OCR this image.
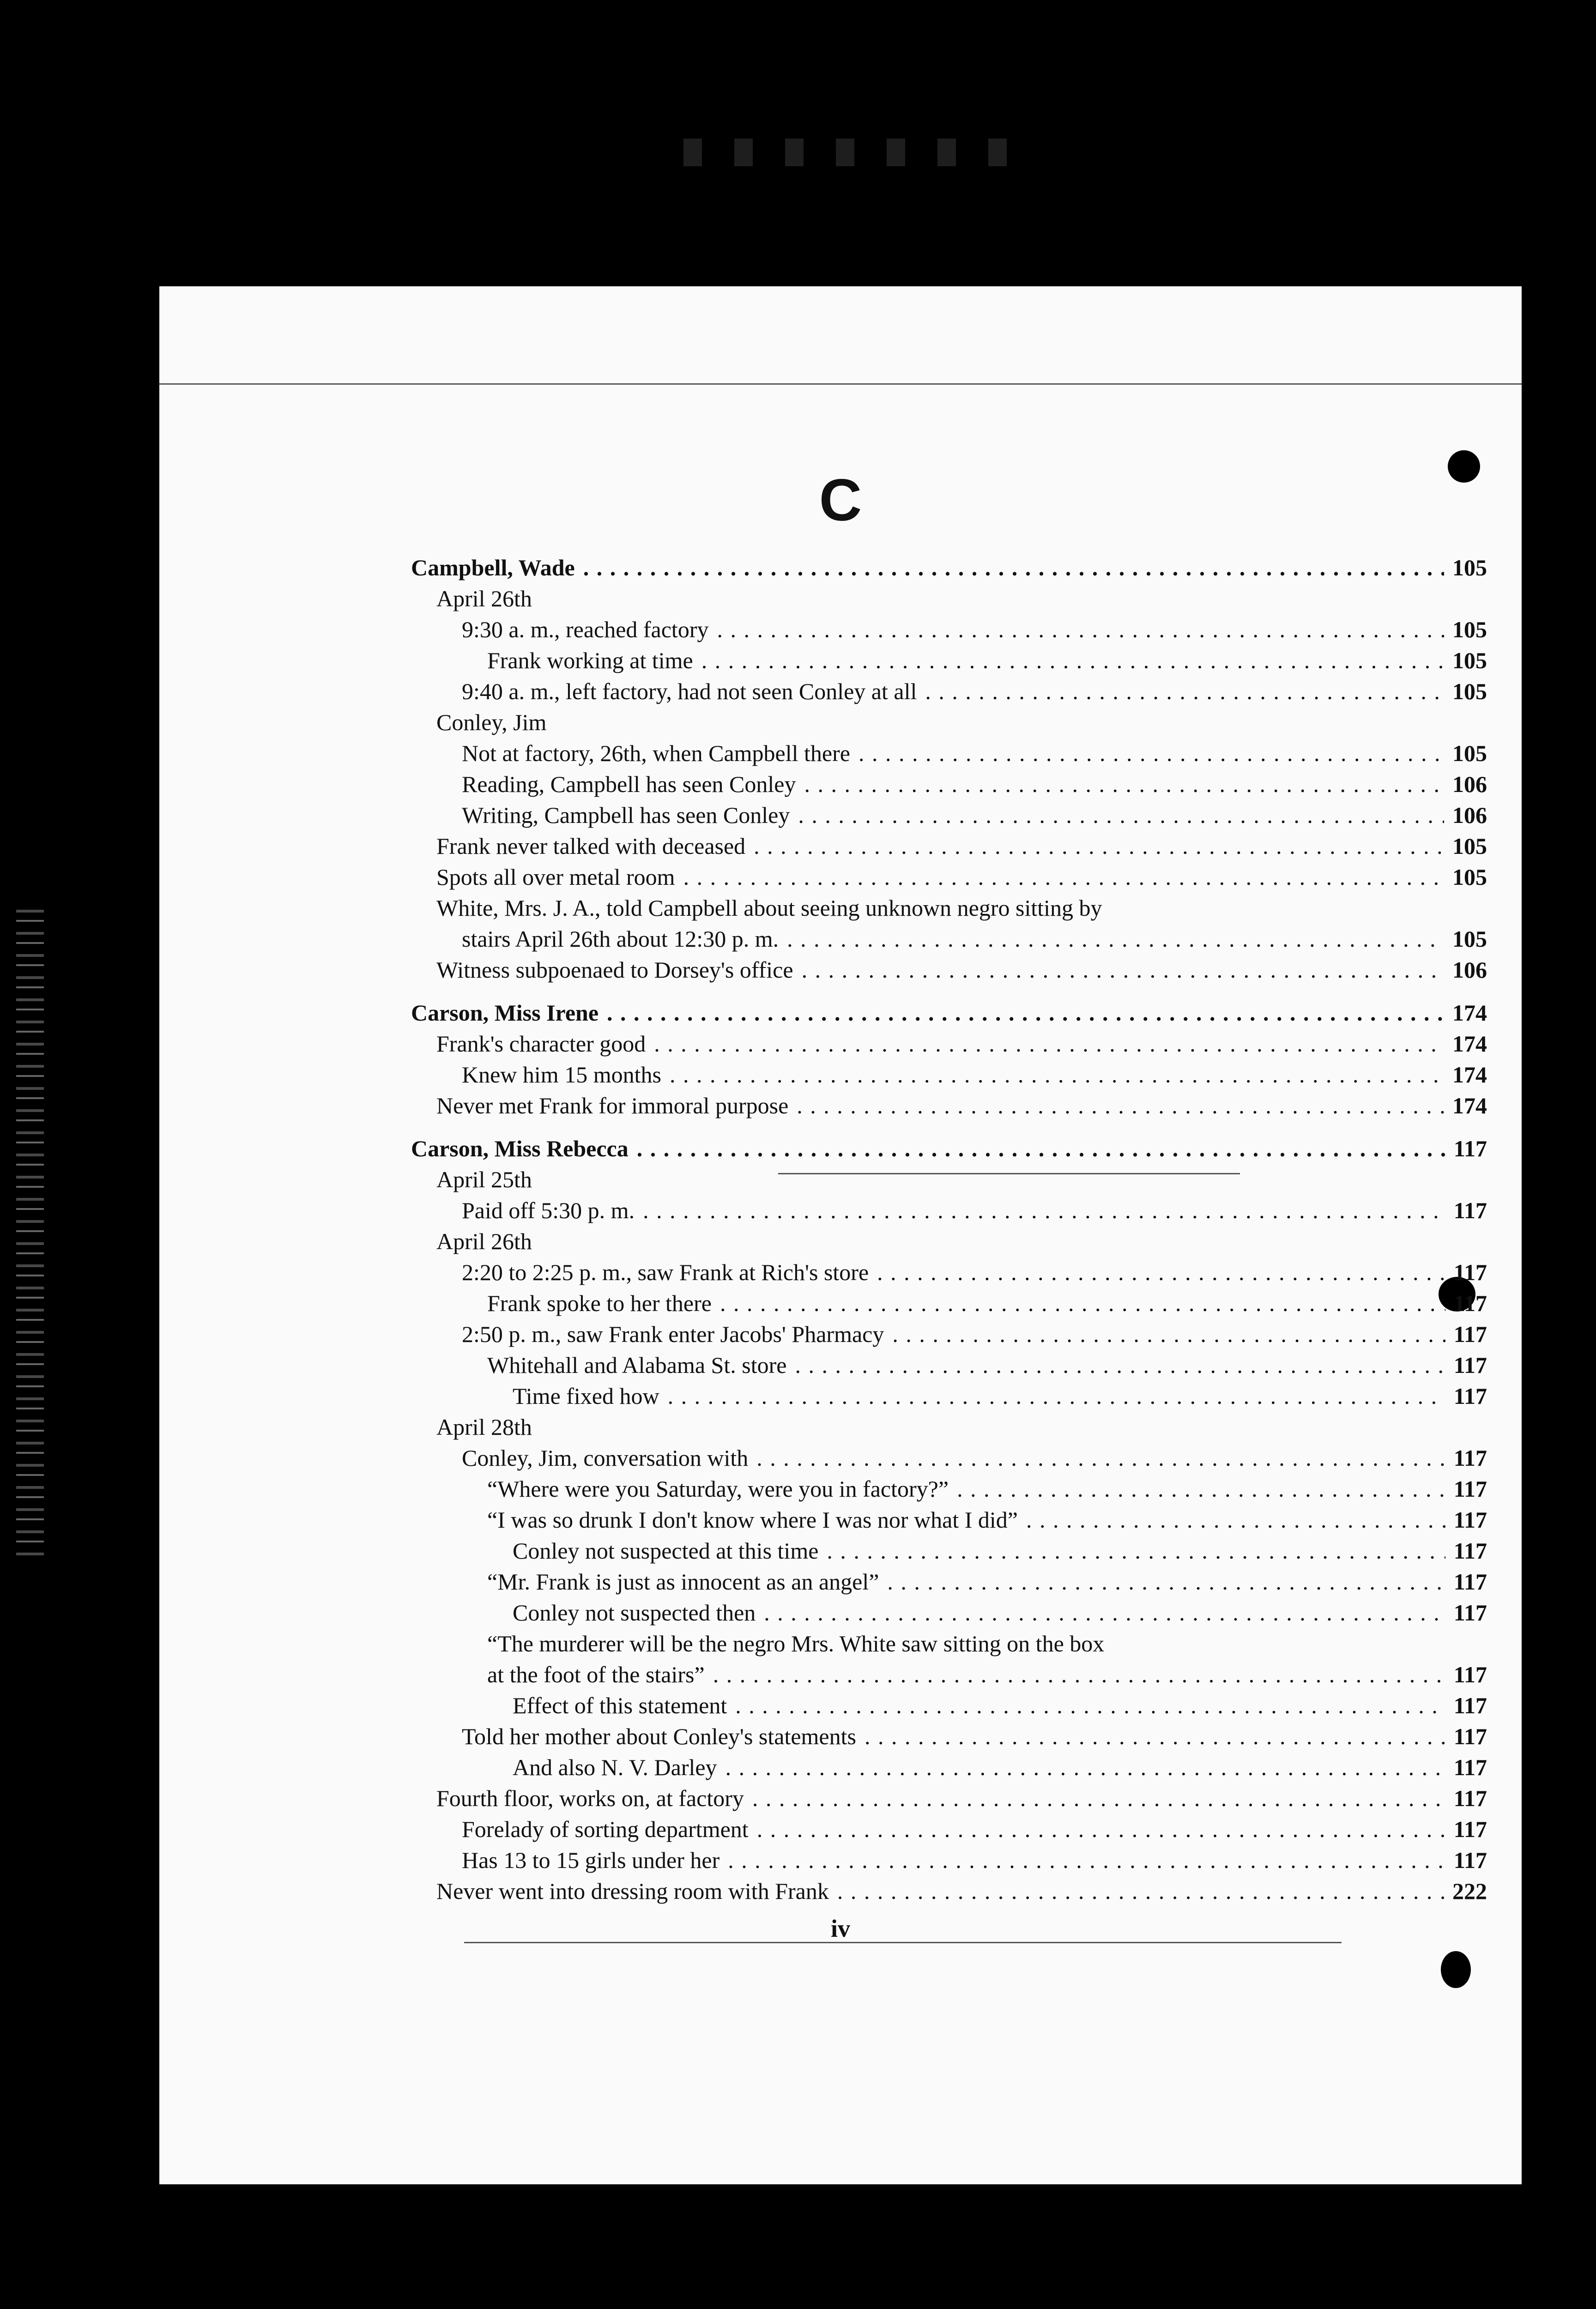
C
Campbell, Wade . . .	105
April 26th
9:30 a. m., reached factory . . .	105
Frank working at time . . .	105
9:40 a. m., left factory, had not seen Conley at all . . .	105
Conley, Jim
Not at factory, 26th, when Campbell there . . .	105
Reading, Campbell has seen Conley . . .	106
Writing, Campbell has seen Conley . . .	106
Frank never talked with deceased . . .	105
Spots all over metal room . . .	105
White, Mrs. J. A., told Campbell about seeing unknown negro sitting by
stairs April 26th about 12:30 p. m. . . .	105
Witness subpoenaed to Dorsey's office . . .	106
Carson, Miss Irene . . .	174
Frank's character good . . .	174
Knew him 15 months . . .	174
Never met Frank for immoral purpose . . .	174
Carson, Miss Rebecca . . .	117
April 25th
Paid off 5:30 p. m. . . .	117
April 26th
2:20 to 2:25 p. m., saw Frank at Rich's store . . .	117
Frank spoke to her there . . .	117
2:50 p. m., saw Frank enter Jacobs' Pharmacy . . .	117
Whitehall and Alabama St. store . . .	117
Time fixed how . . .	117
April 28th
Conley, Jim, conversation with . . .	117
“Where were you Saturday, were you in factory?” . . .	117
“I was so drunk I don't know where I was nor what I did” . . .	117
Conley not suspected at this time . . .	117
“Mr. Frank is just as innocent as an angel” . . .	117
Conley not suspected then . . .	117
“The murderer will be the negro Mrs. White saw sitting on the box
at the foot of the stairs” . . .	117
Effect of this statement . . .	117
Told her mother about Conley's statements . . .	117
And also N. V. Darley . . .	117
Fourth floor, works on, at factory . . .	117
Forelady of sorting department . . .	117
Has 13 to 15 girls under her . . .	117
Never went into dressing room with Frank . . .	222
iv
